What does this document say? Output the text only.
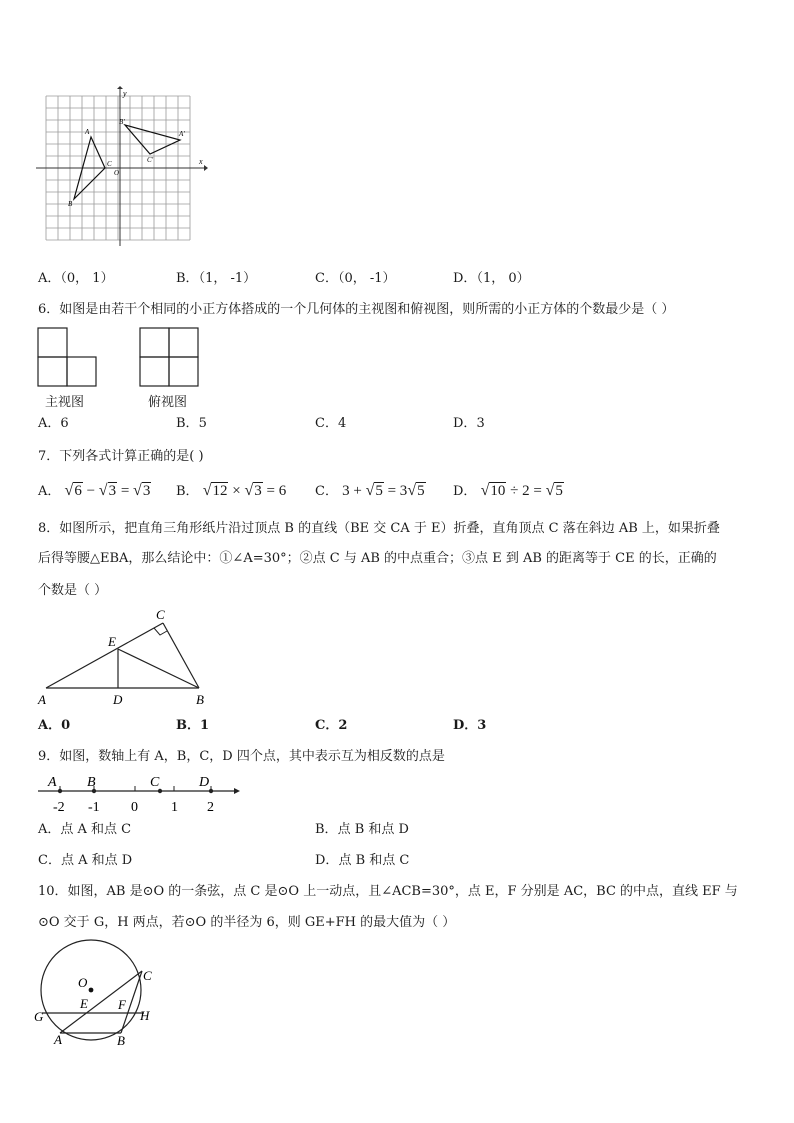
y
x
A
B
C
O
A'
B'
C'
A．（0， 1）	B．（1， -1）	C．（0， -1）	D．（1， 0）
6．如图是由若干个相同的小正方体搭成的一个几何体的主视图和俯视图，则所需的小正方体的个数最少是（ ）
主视图	俯视图
A．6	B．5	C．4	D．3
7．下列各式计算正确的是( )
A． √6 − √3 = √3 B． √12 × √3 = 6 C． 3 + √5 = 3√5 D． √10 ÷ 2 = √5
8．如图所示，把直角三角形纸片沿过顶点 B 的直线（BE 交 CA 于 E）折叠，直角顶点 C 落在斜边 AB 上，如果折叠
后得等腰△EBA，那么结论中：①∠A=30°；②点 C 与 AB 的中点重合；③点 E 到 AB 的距离等于 CE 的长，正确的
个数是（ ）
A	B
C
D
E
A．0	B．1	C．2	D．3
9．如图，数轴上有 A，B，C，D 四个点，其中表示互为相反数的点是
A B	C	D
-2 -1 0 1 2
A．点 A 和点 C	B．点 B 和点 D
C．点 A 和点 D	D．点 B 和点 C
10．如图，AB 是⊙O 的一条弦，点 C 是⊙O 上一动点，且∠ACB=30°，点 E，F 分别是 AC，BC 的中点，直线 EF 与
⊙O 交于 G，H 两点，若⊙O 的半径为 6，则 GE+FH 的最大值为（ ）
O	C
E F
G	H
A	B
